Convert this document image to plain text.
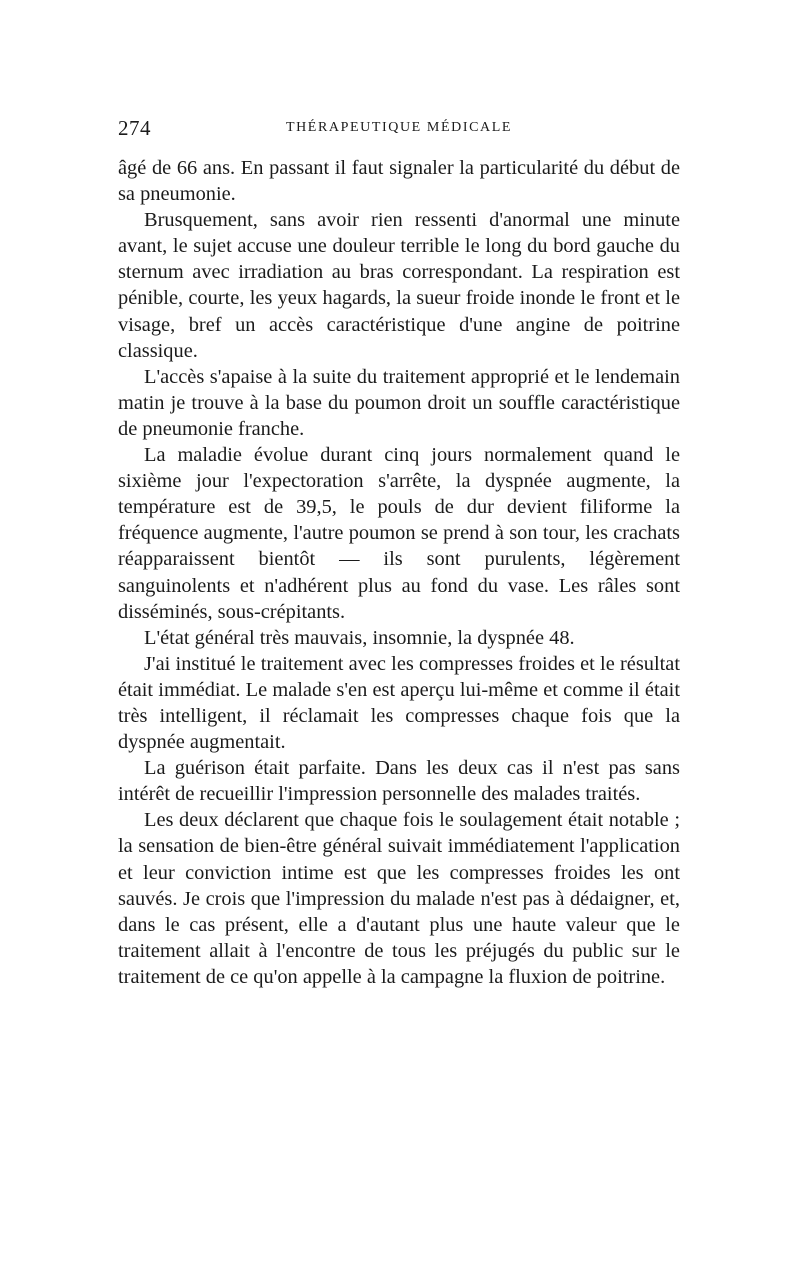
274	THÉRAPEUTIQUE MÉDICALE

âgé de 66 ans. En passant il faut signaler la particularité du début de sa pneumonie.

Brusquement, sans avoir rien ressenti d'anormal une minute avant, le sujet accuse une douleur terrible le long du bord gauche du sternum avec irradiation au bras correspondant. La respiration est pénible, courte, les yeux hagards, la sueur froide inonde le front et le visage, bref un accès caractéristique d'une angine de poitrine classique.

L'accès s'apaise à la suite du traitement approprié et le lendemain matin je trouve à la base du poumon droit un souffle caractéristique de pneumonie franche.

La maladie évolue durant cinq jours normalement quand le sixième jour l'expectoration s'arrête, la dyspnée augmente, la température est de 39,5, le pouls de dur devient filiforme la fréquence augmente, l'autre poumon se prend à son tour, les crachats réapparaissent bientôt — ils sont purulents, légèrement sanguinolents et n'adhérent plus au fond du vase. Les râles sont disséminés, sous-crépitants.

L'état général très mauvais, insomnie, la dyspnée 48.

J'ai institué le traitement avec les compresses froides et le résultat était immédiat. Le malade s'en est aperçu lui-même et comme il était très intelligent, il réclamait les compresses chaque fois que la dyspnée augmentait.

La guérison était parfaite. Dans les deux cas il n'est pas sans intérêt de recueillir l'impression personnelle des malades traités.

Les deux déclarent que chaque fois le soulagement était notable ; la sensation de bien-être général suivait immédiatement l'application et leur conviction intime est que les compresses froides les ont sauvés. Je crois que l'impression du malade n'est pas à dédaigner, et, dans le cas présent, elle a d'autant plus une haute valeur que le traitement allait à l'encontre de tous les préjugés du public sur le traitement de ce qu'on appelle à la campagne la fluxion de poitrine.
